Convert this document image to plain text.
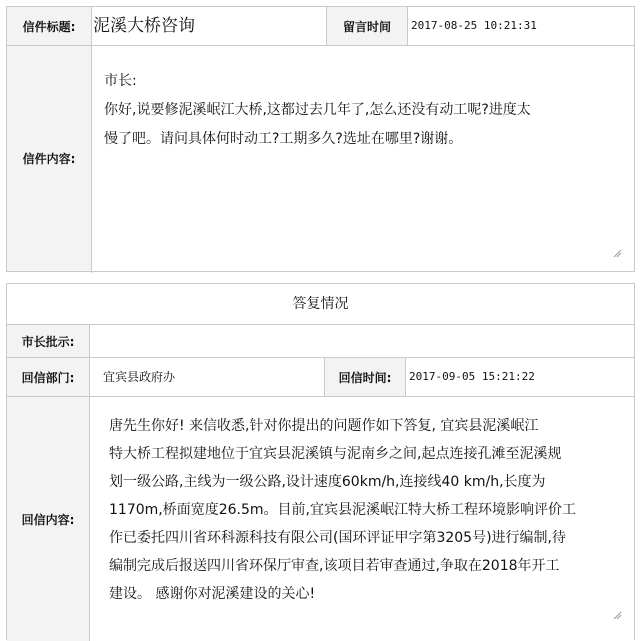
信件标题:	泥溪大桥咨询	留言时间	2017-08-25 10:21:31
信件内容:
市长:
你好,说要修泥溪岷江大桥,这都过去几年了,怎么还没有动工呢?进度太
慢了吧。请问具体何时动工?工期多久?选址在哪里?谢谢。
答复情况
市长批示:
回信部门:	宜宾县政府办	回信时间:	2017-09-05 15:21:22
回信内容:
唐先生你好! 来信收悉,针对你提出的问题作如下答复, 宜宾县泥溪岷江
特大桥工程拟建地位于宜宾县泥溪镇与泥南乡之间,起点连接孔滩至泥溪规
划一级公路,主线为一级公路,设计速度60km/h,连接线40 km/h,长度为
1170m,桥面宽度26.5m。目前,宜宾县泥溪岷江特大桥工程环境影响评价工
作已委托四川省环科源科技有限公司(国环评证甲字第3205号)进行编制,待
编制完成后报送四川省环保厅审查,该项目若审查通过,争取在2018年开工
建设。 感谢你对泥溪建设的关心!
